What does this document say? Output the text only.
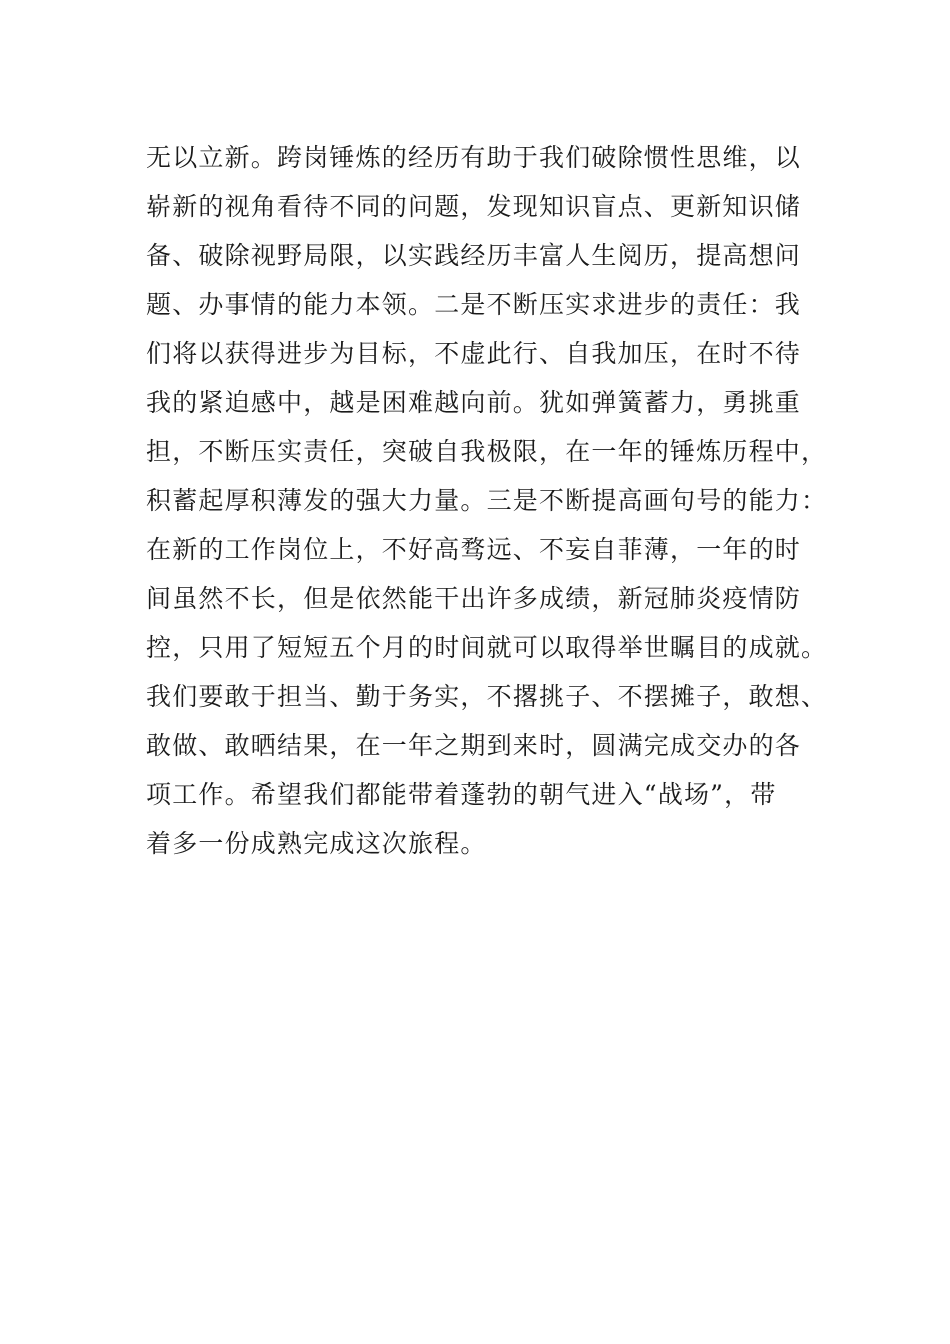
无以立新。跨岗锤炼的经历有助于我们破除惯性思维，以
崭新的视角看待不同的问题，发现知识盲点、更新知识储
备、破除视野局限，以实践经历丰富人生阅历，提高想问
题、办事情的能力本领。二是不断压实求进步的责任：我
们将以获得进步为目标，不虚此行、自我加压，在时不待
我的紧迫感中，越是困难越向前。犹如弹簧蓄力，勇挑重
担，不断压实责任，突破自我极限，在一年的锤炼历程中，
积蓄起厚积薄发的强大力量。三是不断提高画句号的能力：
在新的工作岗位上，不好高骛远、不妄自菲薄，一年的时
间虽然不长，但是依然能干出许多成绩，新冠肺炎疫情防
控，只用了短短五个月的时间就可以取得举世瞩目的成就。
我们要敢于担当、勤于务实，不撂挑子、不摆摊子，敢想、
敢做、敢晒结果，在一年之期到来时，圆满完成交办的各
项工作。希望我们都能带着蓬勃的朝气进入“战场”，带
着多一份成熟完成这次旅程。
